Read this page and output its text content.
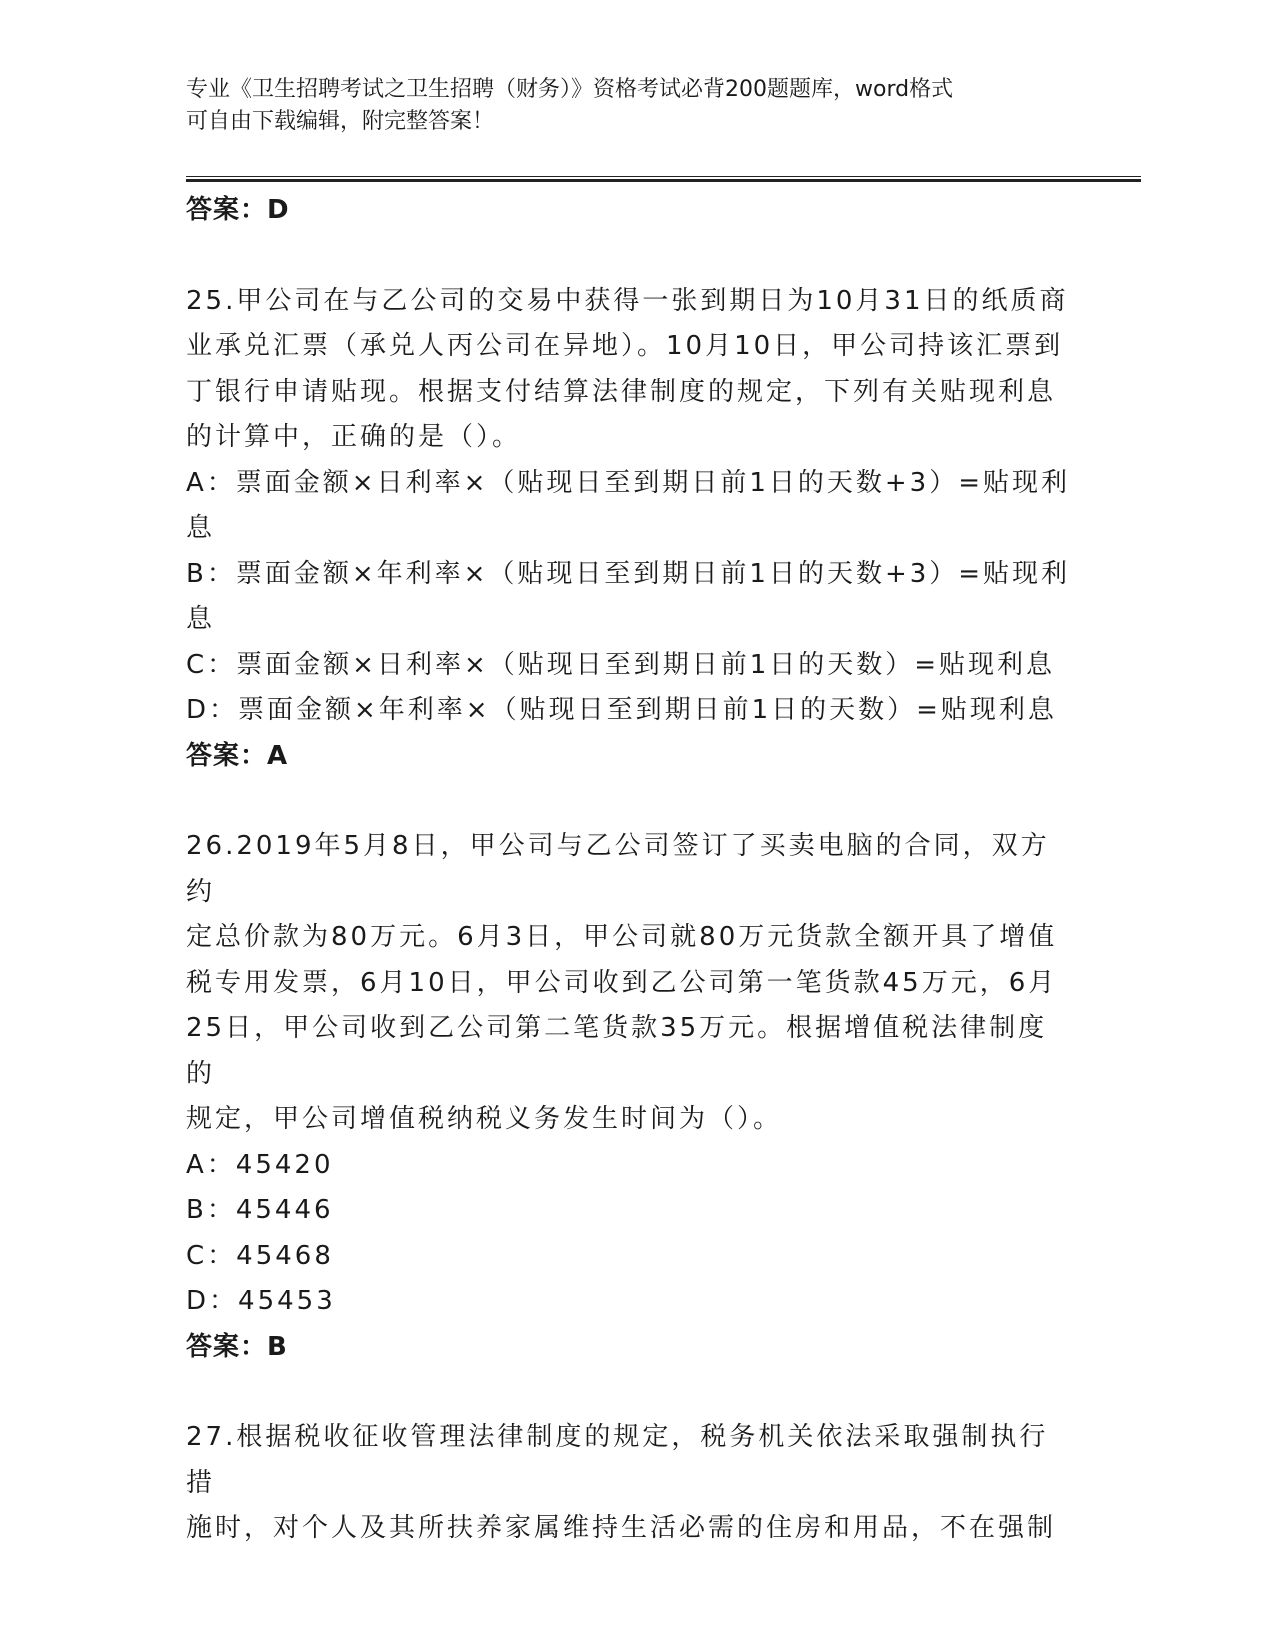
专业《卫生招聘考试之卫生招聘（财务）》资格考试必背200题题库，word格式
可自由下载编辑，附完整答案！
答案：D
25.甲公司在与乙公司的交易中获得一张到期日为10月31日的纸质商
业承兑汇票（承兑人丙公司在异地）。10月10日，甲公司持该汇票到
丁银行申请贴现。根据支付结算法律制度的规定，下列有关贴现利息
的计算中，正确的是（）。
A：票面金额×日利率×（贴现日至到期日前1日的天数+3）=贴现利
息
B：票面金额×年利率×（贴现日至到期日前1日的天数+3）=贴现利
息
C：票面金额×日利率×（贴现日至到期日前1日的天数）=贴现利息
D：票面金额×年利率×（贴现日至到期日前1日的天数）=贴现利息
答案：A
26.2019年5月8日，甲公司与乙公司签订了买卖电脑的合同，双方约
定总价款为80万元。6月3日，甲公司就80万元货款全额开具了增值
税专用发票，6月10日，甲公司收到乙公司第一笔货款45万元，6月
25日，甲公司收到乙公司第二笔货款35万元。根据增值税法律制度的
规定，甲公司增值税纳税义务发生时间为（）。
A：45420
B：45446
C：45468
D：45453
答案：B
27.根据税收征收管理法律制度的规定，税务机关依法采取强制执行措
施时，对个人及其所扶养家属维持生活必需的住房和用品，不在强制
